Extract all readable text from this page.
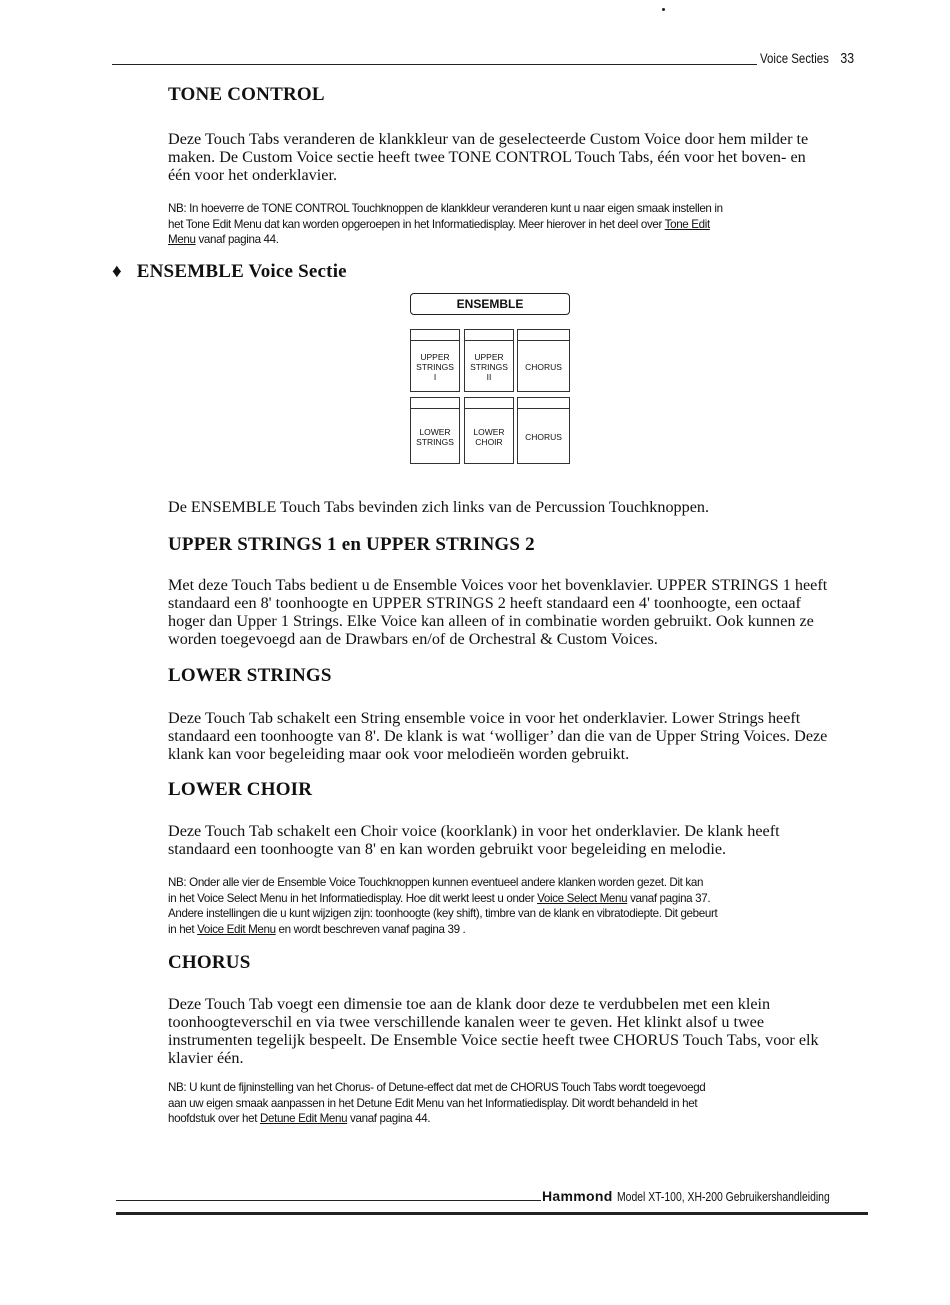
Voice Secties 33
TONE CONTROL
Deze Touch Tabs veranderen de klankkleur van de geselecteerde Custom Voice door hem milder te
maken. De Custom Voice sectie heeft twee TONE CONTROL Touch Tabs, één voor het boven- en
één voor het onderklavier.
NB: In hoeverre de TONE CONTROL Touchknoppen de klankkleur veranderen kunt u naar eigen smaak instellen in
het Tone Edit Menu dat kan worden opgeroepen in het Informatiedisplay. Meer hierover in het deel over Tone Edit
Menu vanaf pagina 44.
♦ ENSEMBLE Voice Sectie
ENSEMBLE
UPPER
STRINGS
I
UPPER
STRINGS
II
CHORUS
LOWER
STRINGS
LOWER
CHOIR	CHORUS
De ENSEMBLE Touch Tabs bevinden zich links van de Percussion Touchknoppen.
UPPER STRINGS 1 en UPPER STRINGS 2
Met deze Touch Tabs bedient u de Ensemble Voices voor het bovenklavier. UPPER STRINGS 1 heeft
standaard een 8' toonhoogte en UPPER STRINGS 2 heeft standaard een 4' toonhoogte, een octaaf
hoger dan Upper 1 Strings. Elke Voice kan alleen of in combinatie worden gebruikt. Ook kunnen ze
worden toegevoegd aan de Drawbars en/of de Orchestral & Custom Voices.
LOWER STRINGS
Deze Touch Tab schakelt een String ensemble voice in voor het onderklavier. Lower Strings heeft
standaard een toonhoogte van 8'. De klank is wat ‘wolliger’ dan die van de Upper String Voices. Deze
klank kan voor begeleiding maar ook voor melodieën worden gebruikt.
LOWER CHOIR
Deze Touch Tab schakelt een Choir voice (koorklank) in voor het onderklavier. De klank heeft
standaard een toonhoogte van 8' en kan worden gebruikt voor begeleiding en melodie.
NB: Onder alle vier de Ensemble Voice Touchknoppen kunnen eventueel andere klanken worden gezet. Dit kan
in het Voice Select Menu in het Informatiedisplay. Hoe dit werkt leest u onder Voice Select Menu vanaf pagina 37.
Andere instellingen die u kunt wijzigen zijn: toonhoogte (key shift), timbre van de klank en vibratodiepte. Dit gebeurt
in het Voice Edit Menu en wordt beschreven vanaf pagina 39 .
CHORUS
Deze Touch Tab voegt een dimensie toe aan de klank door deze te verdubbelen met een klein
toonhoogteverschil en via twee verschillende kanalen weer te geven. Het klinkt alsof u twee
instrumenten tegelijk bespeelt. De Ensemble Voice sectie heeft twee CHORUS Touch Tabs, voor elk
klavier één.
NB: U kunt de fijninstelling van het Chorus- of Detune-effect dat met de CHORUS Touch Tabs wordt toegevoegd
aan uw eigen smaak aanpassen in het Detune Edit Menu van het Informatiedisplay. Dit wordt behandeld in het
hoofdstuk over het Detune Edit Menu vanaf pagina 44.
Hammond Model XT-100, XH-200 Gebruikershandleiding
